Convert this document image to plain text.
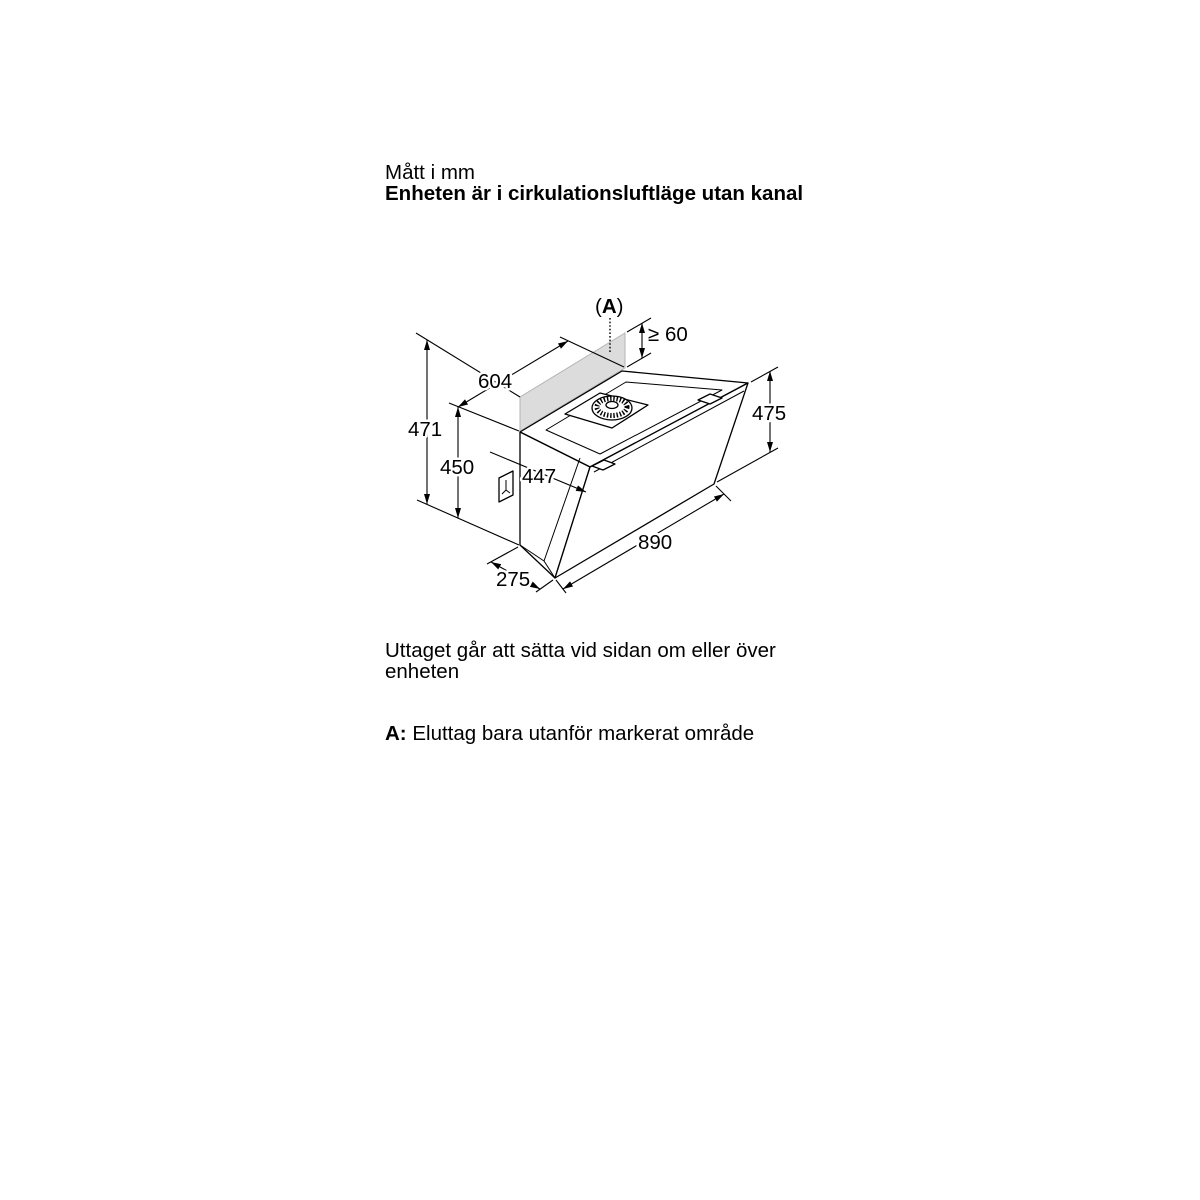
Mått i mm
Enheten är i cirkulationsluftläge utan kanal
(A)
≥ 60
604
471
450 447
475
890
275
Uttaget går att sätta vid sidan om eller över enheten
A: Eluttag bara utanför markerat område
